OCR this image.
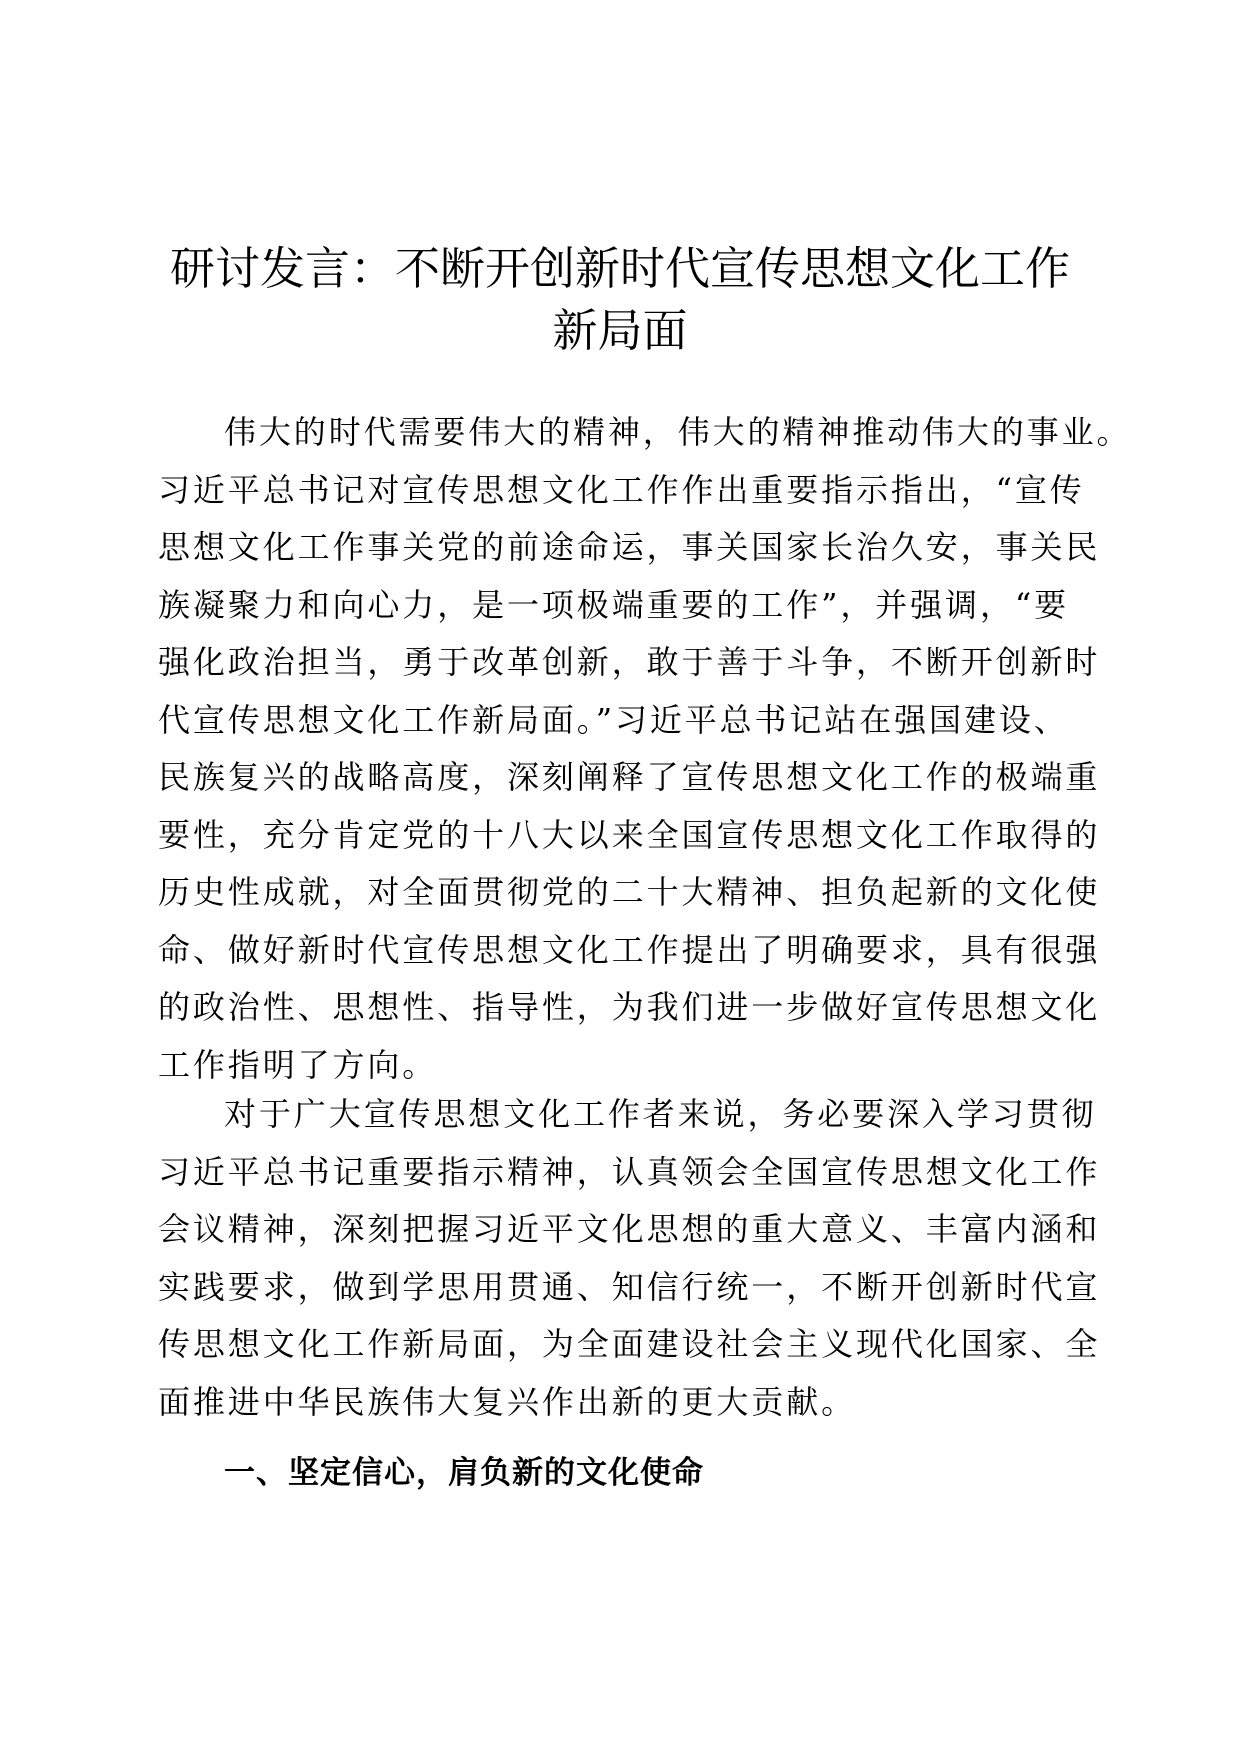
研讨发言：不断开创新时代宣传思想文化工作
新局面
伟大的时代需要伟大的精神，伟大的精神推动伟大的事业。
习近平总书记对宣传思想文化工作作出重要指示指出，“宣传
思想文化工作事关党的前途命运，事关国家长治久安，事关民
族凝聚力和向心力，是一项极端重要的工作”，并强调，“要
强化政治担当，勇于改革创新，敢于善于斗争，不断开创新时
代宣传思想文化工作新局面。”习近平总书记站在强国建设、
民族复兴的战略高度，深刻阐释了宣传思想文化工作的极端重
要性，充分肯定党的十八大以来全国宣传思想文化工作取得的
历史性成就，对全面贯彻党的二十大精神、担负起新的文化使
命、做好新时代宣传思想文化工作提出了明确要求，具有很强
的政治性、思想性、指导性，为我们进一步做好宣传思想文化
工作指明了方向。
对于广大宣传思想文化工作者来说，务必要深入学习贯彻
习近平总书记重要指示精神，认真领会全国宣传思想文化工作
会议精神，深刻把握习近平文化思想的重大意义、丰富内涵和
实践要求，做到学思用贯通、知信行统一，不断开创新时代宣
传思想文化工作新局面，为全面建设社会主义现代化国家、全
面推进中华民族伟大复兴作出新的更大贡献。
一、坚定信心，肩负新的文化使命
